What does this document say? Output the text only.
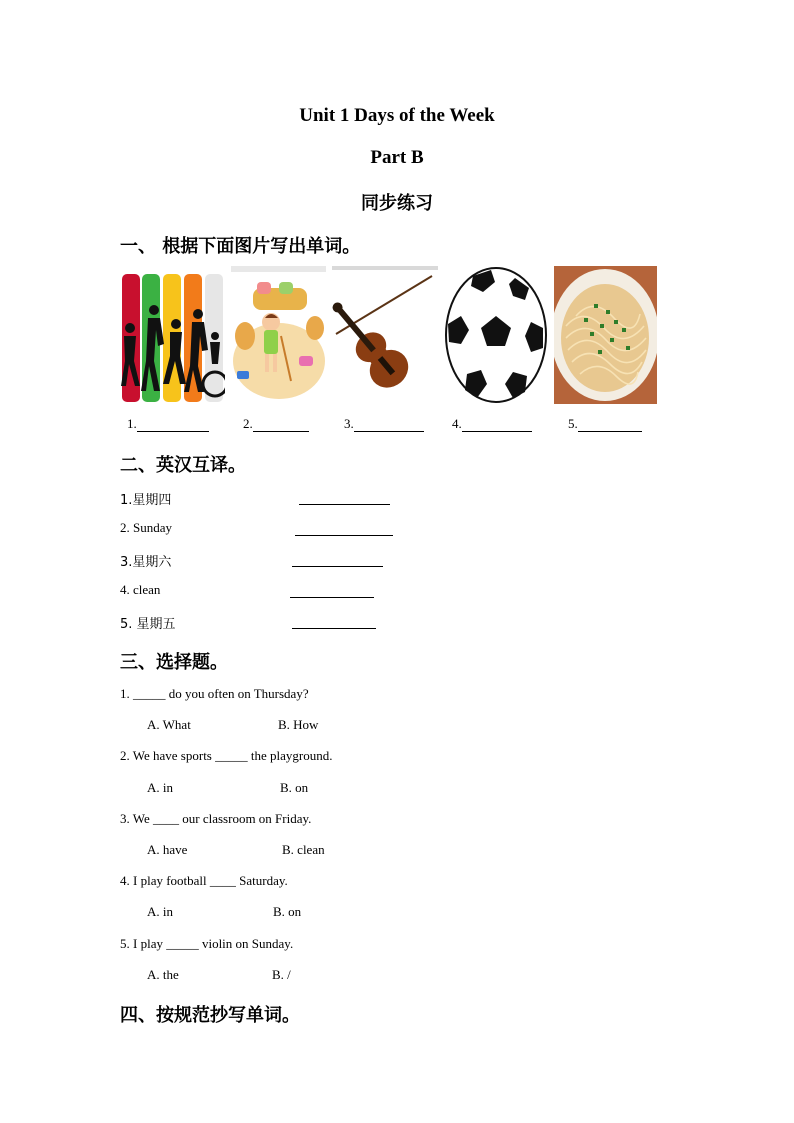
Unit 1 Days of the Week
Part B
同步练习
一、 根据下面图片写出单词。
1.	2.	3.	4.	5.
二、英汉互译。
1.星期四
2. Sunday
3.星期六
4. clean
5. 星期五
三、选择题。
1. _____ do you often on Thursday?
A. What	B. How
2. We have sports _____ the playground.
A. in	B. on
3. We ____ our classroom on Friday.
A. have	B. clean
4. I play football ____ Saturday.
A. in	B. on
5. I play _____ violin on Sunday.
A. the	B. /
四、按规范抄写单词。
